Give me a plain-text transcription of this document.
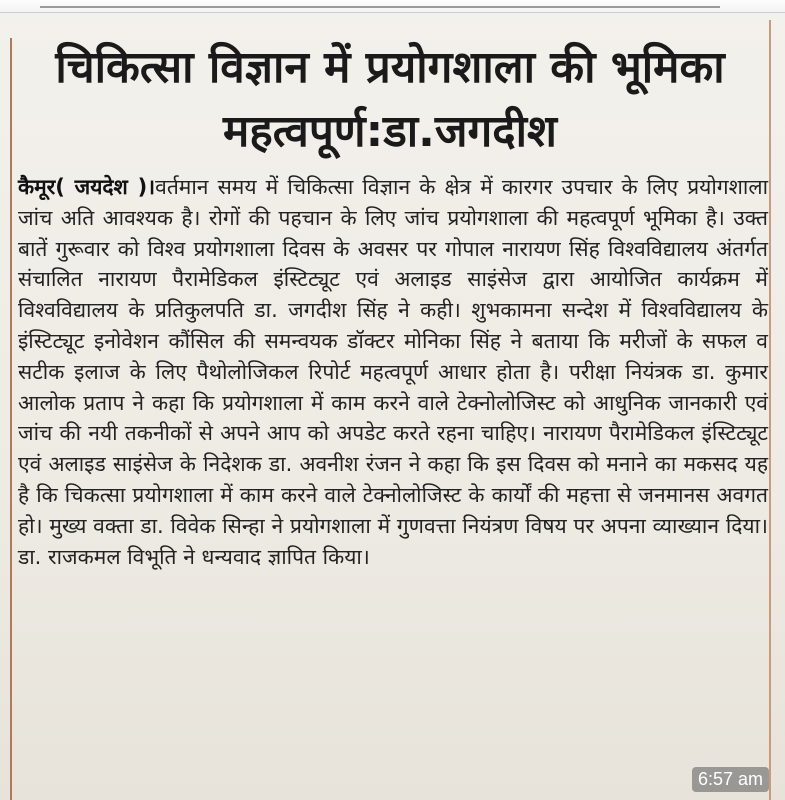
चिकित्सा विज्ञान में प्रयोगशाला की भूमिका महत्वपूर्ण:डा.जगदीश

कैमूर( जयदेश )।वर्तमान समय में चिकित्सा विज्ञान के क्षेत्र में कारगर उपचार के लिए प्रयोगशाला जांच अति आवश्यक है। रोगों की पहचान के लिए जांच प्रयोगशाला की महत्वपूर्ण भूमिका है। उक्त बातें गुरूवार को विश्व प्रयोगशाला दिवस के अवसर पर गोपाल नारायण सिंह विश्वविद्यालय अंतर्गत संचालित नारायण पैरामेडिकल इंस्टिट्यूट एवं अलाइड साइंसेज द्वारा आयोजित कार्यक्रम में विश्वविद्यालय के प्रतिकुलपति डा. जगदीश सिंह ने कही। शुभकामना सन्देश में विश्वविद्यालय के इंस्टिट्यूट इनोवेशन कौंसिल की समन्वयक डॉक्टर मोनिका सिंह ने बताया कि मरीजों के सफल व सटीक इलाज के लिए पैथोलोजिकल रिपोर्ट महत्वपूर्ण आधार होता है। परीक्षा नियंत्रक डा. कुमार आलोक प्रताप ने कहा कि प्रयोगशाला में काम करने वाले टेक्नोलोजिस्ट को आधुनिक जानकारी एवं जांच की नयी तकनीकों से अपने आप को अपडेट करते रहना चाहिए। नारायण पैरामेडिकल इंस्टिट्यूट एवं अलाइड साइंसेज के निदेशक डा. अवनीश रंजन ने कहा कि इस दिवस को मनाने का मकसद यह है कि चिकत्सा प्रयोगशाला में काम करने वाले टेक्नोलोजिस्ट के कार्यों की महत्ता से जनमानस अवगत हो। मुख्य वक्ता डा. विवेक सिन्हा ने प्रयोगशाला में गुणवत्ता नियंत्रण विषय पर अपना व्याख्यान दिया। डा. राजकमल विभूति ने धन्यवाद ज्ञापित किया।

6:57 am
